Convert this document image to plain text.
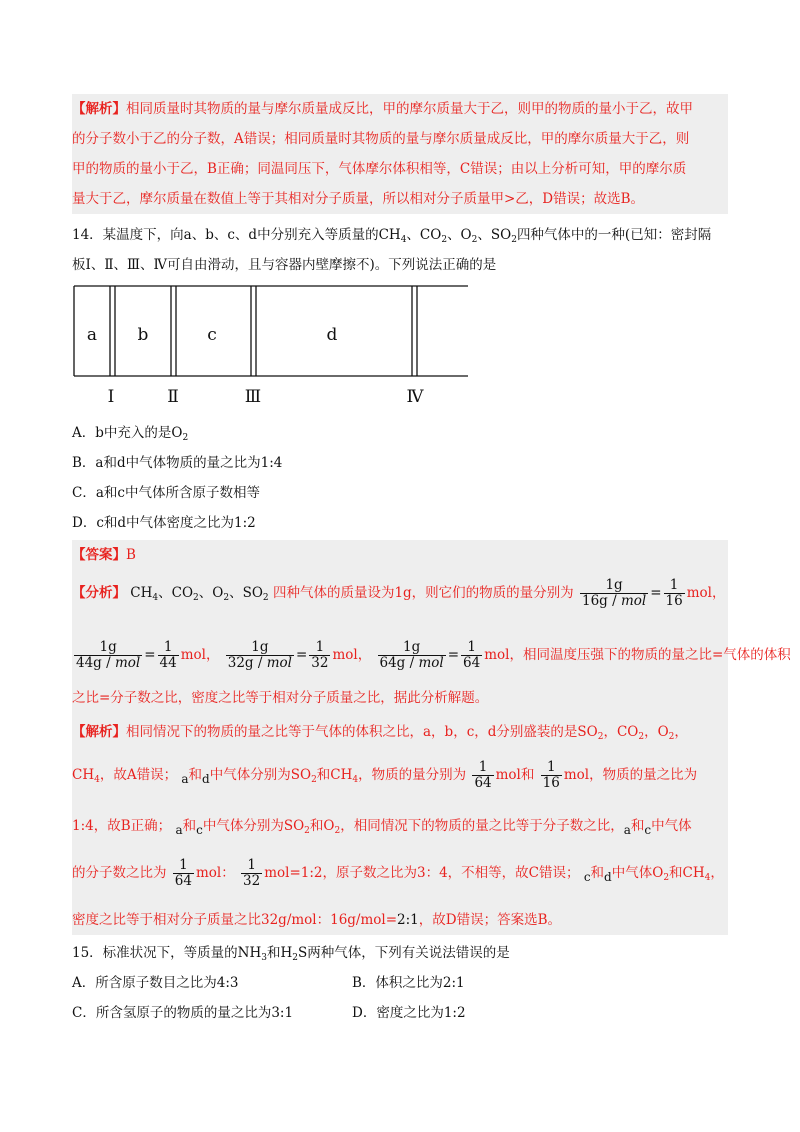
【解析】相同质量时其物质的量与摩尔质量成反比，甲的摩尔质量大于乙，则甲的物质的量小于乙，故甲
的分子数小于乙的分子数，A错误；相同质量时其物质的量与摩尔质量成反比，甲的摩尔质量大于乙，则
甲的物质的量小于乙，B正确；同温同压下，气体摩尔体积相等，C错误；由以上分析可知，甲的摩尔质
量大于乙，摩尔质量在数值上等于其相对分子质量，所以相对分子质量甲>乙，D错误；故选B。
14．某温度下，向a、b、c、d中分别充入等质量的$CH_4$、$CO_2$、$O_2$、$SO_2$四种气体中的一种(已知：密封隔
板Ⅰ、Ⅱ、Ⅲ、Ⅳ可自由滑动，且与容器内壁摩擦不)。下列说法正确的是
a b	c	d
Ⅰ	Ⅱ	Ⅲ	Ⅳ
A．b中充入的是$O_2$
B．a和d中气体物质的量之比为1:4
C．a和c中气体所含原子数相等
D．c和d中气体密度之比为1:2
【答案】B
【分析】 $CH_4$、$CO_2$、$O_2$、$SO_2$ 四种气体的质量设为1g，则它们的物质的量分别为 $\frac{1g}{\text{16g / mol}} = \frac{1}{16}$ mol，
$\frac{1g}{\text{44g / mol}} = \frac{1}{44}$ mol， $\frac{1g}{\text{32g / mol}} = \frac{1}{32}$ mol， $\frac{1g}{\text{64g / mol}} = \frac{1}{64}$ mol，相同温度压强下的物质的量之比=气体的体积
之比=分子数之比，密度之比等于相对分子质量之比，据此分析解题。
【解析】相同情况下的物质的量之比等于气体的体积之比，a，b，c，d分别盛装的是$SO_2$，$CO_2$，$O_2$，
$CH_4$，故A错误； a和d中气体分别为$SO_2$和$CH_4$，物质的量分别为 $\frac{1}{64}$ mol和 $\frac{1}{16}$ mol，物质的量之比为
1:4，故B正确； a和c中气体分别为$SO_2$和$O_2$，相同情况下的物质的量之比等于分子数之比，a和c中气体
的分子数之比为 $\frac{1}{64}$ mol： $\frac{1}{32}$ mol=1:2，原子数之比为3：4，不相等，故C错误； c和d中气体$O_2$和$CH_4$，
密度之比等于相对分子质量之比32g/mol：16g/mol=2:1，故D错误；答案选B。
15．标准状况下，等质量的$NH_3$和$H_2S$两种气体，下列有关说法错误的是
A．所含原子数目之比为4:3	B．体积之比为2:1
C．所含氢原子的物质的量之比为3:1	D．密度之比为1:2
